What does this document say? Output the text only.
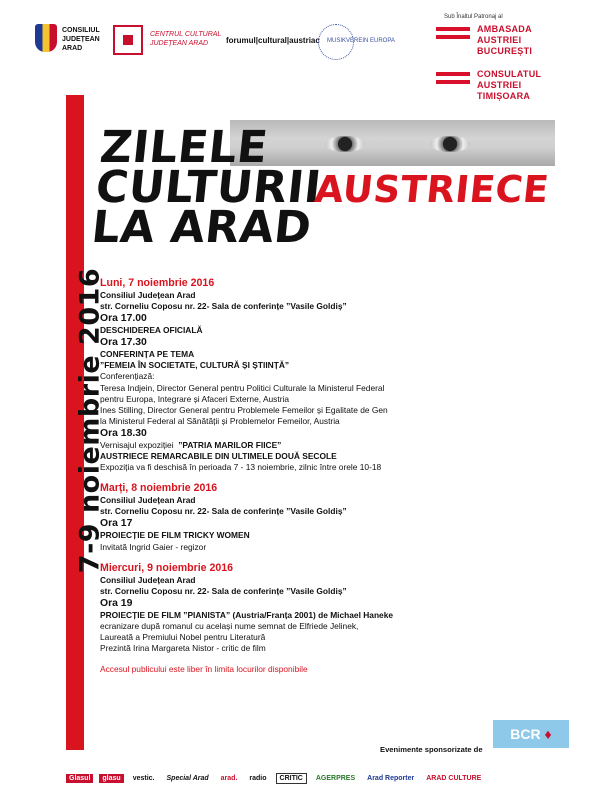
CONSILIUL
JUDEȚEAN
ARAD
CENTRUL CULTURAL
JUDEȚEAN ARAD	forumul|cultural|austriac MUSIKVEREIN EUROPA
Sub Înaltul Patronaj al
AMBASADA
AUSTRIEI
BUCUREȘTI
CONSULATUL
AUSTRIEI
TIMIȘOARA
7-9 noiembrie 2016
ZILELE
CULTURII
LA ARAD
AUSTRIECE
Luni, 7 noiembrie 2016
Consiliul Județean Arad
str. Corneliu Coposu nr. 22- Sala de conferințe ”Vasile Goldiș”
Ora 17.00
DESCHIDEREA OFICIALĂ
Ora 17.30
CONFERINȚA PE TEMA
”FEMEIA ÎN SOCIETATE, CULTURĂ ȘI ȘTIINȚĂ”
Conferențiază:
Teresa Indjein, Director General pentru Politici Culturale la Ministerul Federal
pentru Europa, Integrare și Afaceri Externe, Austria
Ines Stilling, Director General pentru Problemele Femeilor și Egalitate de Gen
la Ministerul Federal al Sănătății și Problemelor Femeilor, Austria
Ora 18.30
Vernisajul expoziției ”PATRIA MARILOR FIICE”
AUSTRIECE REMARCABILE DIN ULTIMELE DOUĂ SECOLE
Expoziția va fi deschisă în perioada 7 - 13 noiembrie, zilnic între orele 10-18
Marți, 8 noiembrie 2016
Consiliul Județean Arad
str. Corneliu Coposu nr. 22- Sala de conferințe ”Vasile Goldiș”
Ora 17
PROIECȚIE DE FILM TRICKY WOMEN
Invitată Ingrid Gaier - regizor
Miercuri, 9 noiembrie 2016
Consiliul Județean Arad
str. Corneliu Coposu nr. 22- Sala de conferințe ”Vasile Goldiș”
Ora 19
PROIECȚIE DE FILM ”PIANISTA” (Austria/Franța 2001) de Michael Haneke
ecranizare după romanul cu același nume semnat de Elfriede Jelinek,
Laureată a Premiului Nobel pentru Literatură
Prezintă Irina Margareta Nistor - critic de film
Accesul publicului este liber în limita locurilor disponibile
BCR ♦
Evenimente sponsorizate de
Glasul	glasu	vestic.	Special Arad	arad.	radio	CRITIC	AGERPRES	Arad Reporter	ARAD CULTURE
